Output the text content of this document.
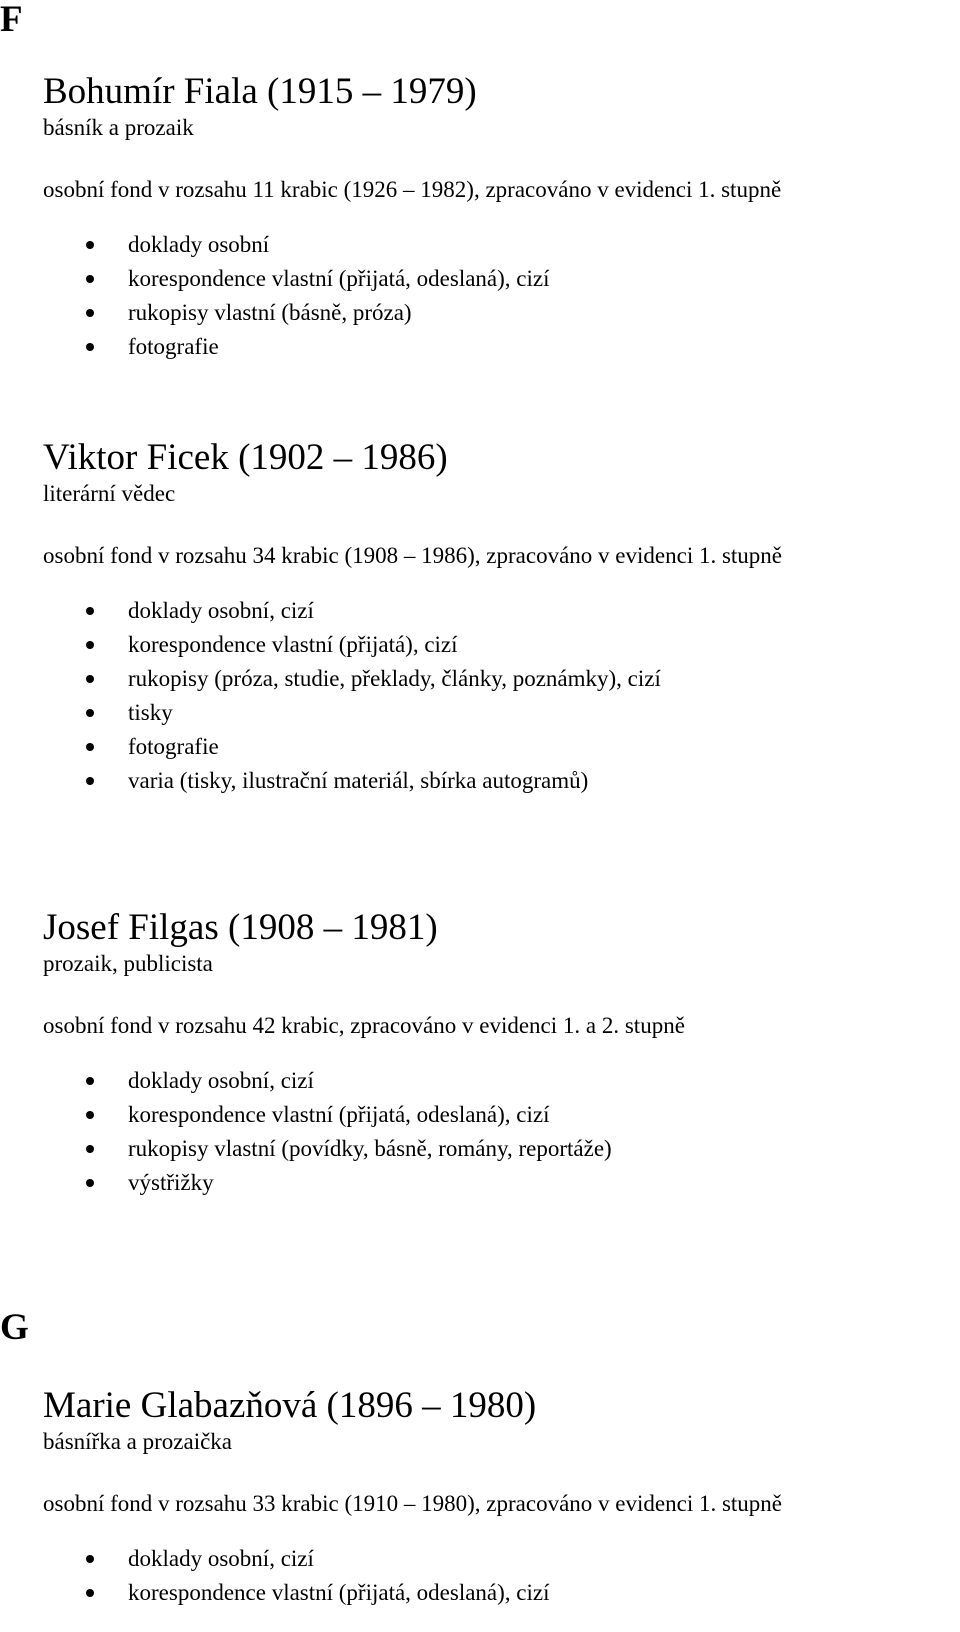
F
Bohumír Fiala (1915 – 1979)
básník a prozaik
osobní fond v rozsahu 11 krabic (1926 – 1982), zpracováno v evidenci 1. stupně
doklady osobní
korespondence vlastní (přijatá, odeslaná), cizí
rukopisy vlastní (básně, próza)
fotografie
Viktor Ficek (1902 – 1986)
literární vědec
osobní fond v rozsahu 34 krabic (1908 – 1986), zpracováno v evidenci 1. stupně
doklady osobní, cizí
korespondence vlastní (přijatá), cizí
rukopisy (próza, studie, překlady, články, poznámky), cizí
tisky
fotografie
varia (tisky, ilustrační materiál, sbírka autogramů)
Josef Filgas (1908 – 1981)
prozaik, publicista
osobní fond v rozsahu 42 krabic, zpracováno v evidenci 1. a 2. stupně
doklady osobní, cizí
korespondence vlastní (přijatá, odeslaná), cizí
rukopisy vlastní (povídky, básně, romány, reportáže)
výstřižky
G
Marie Glabazňová (1896 – 1980)
básnířka a prozaička
osobní fond v rozsahu 33 krabic (1910 – 1980), zpracováno v evidenci 1. stupně
doklady osobní, cizí
korespondence vlastní (přijatá, odeslaná), cizí
